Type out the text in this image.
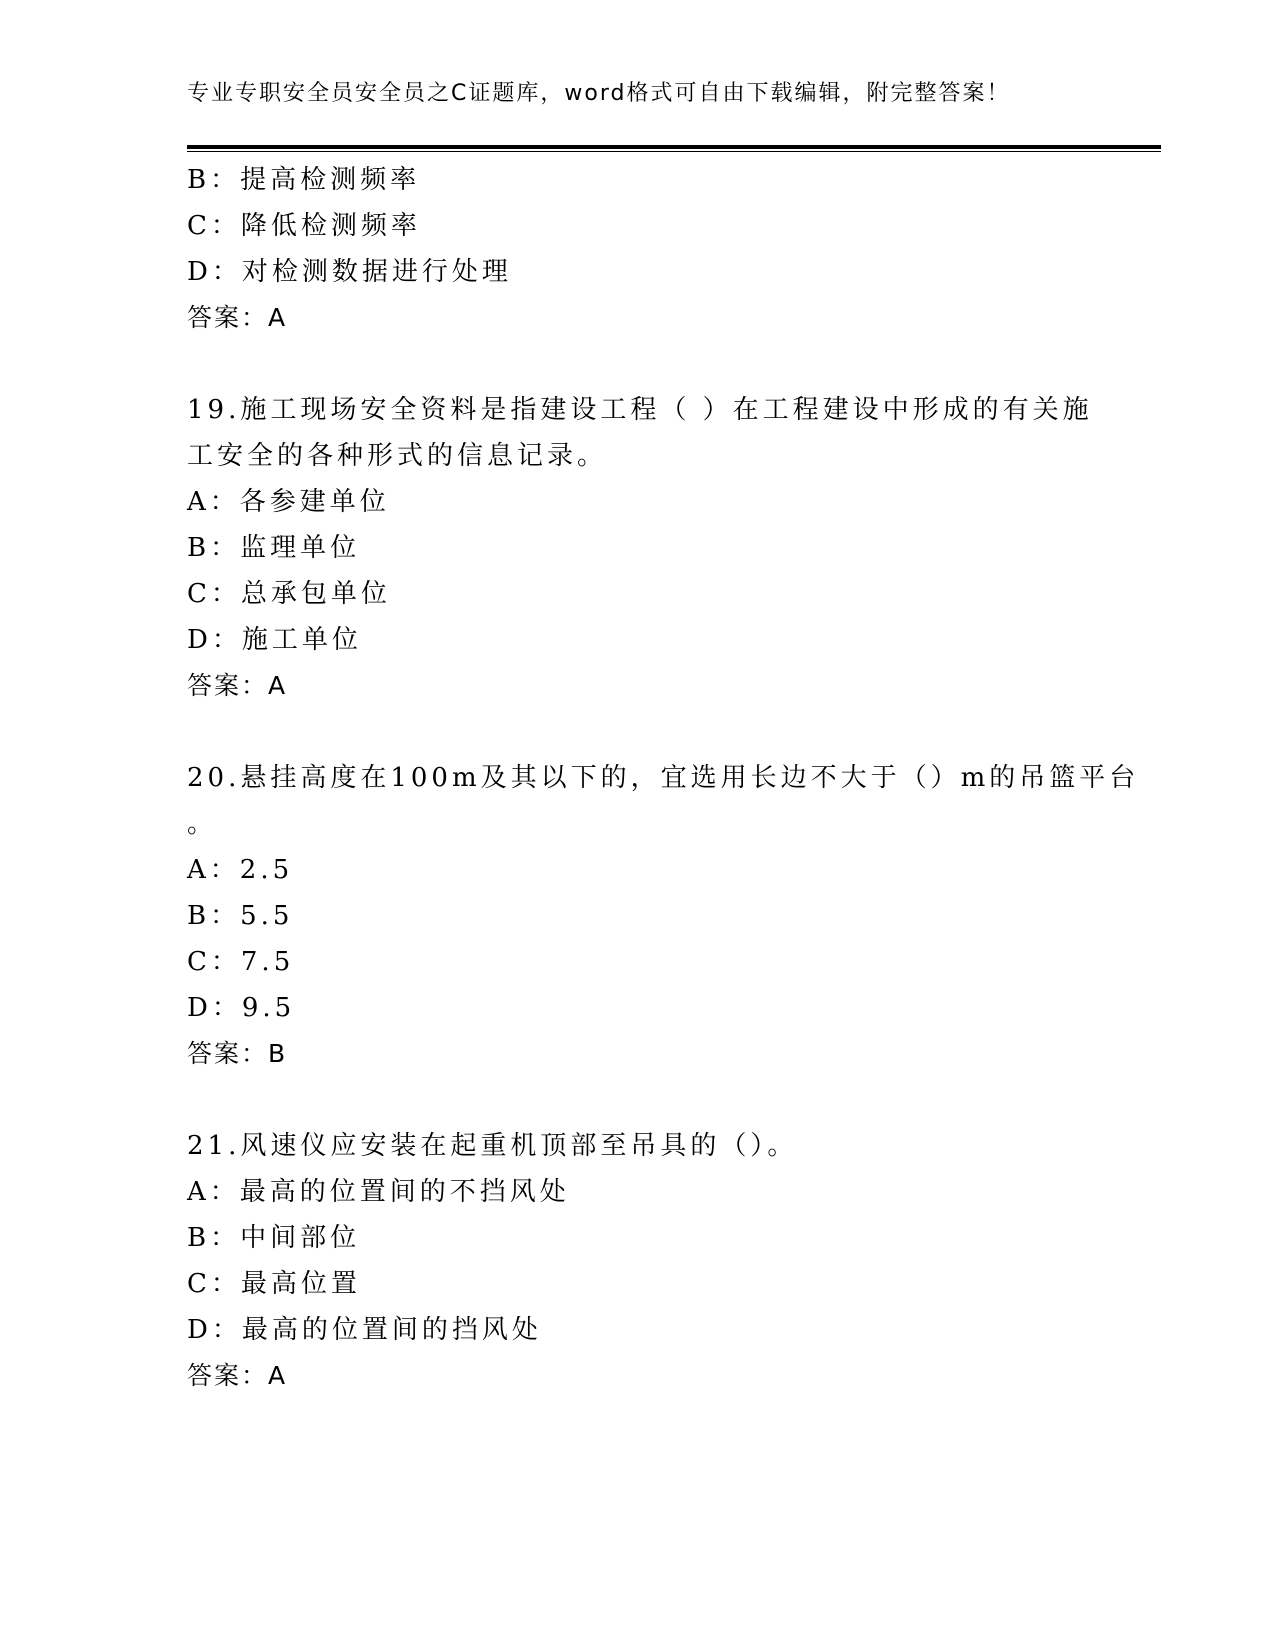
专业专职安全员安全员之C证题库，word格式可自由下载编辑，附完整答案！
B：提高检测频率
C：降低检测频率
D：对检测数据进行处理
答案：A
19.施工现场安全资料是指建设工程（ ）在工程建设中形成的有关施
工安全的各种形式的信息记录。
A：各参建单位
B：监理单位
C：总承包单位
D：施工单位
答案：A
20.悬挂高度在100m及其以下的，宜选用长边不大于（）m的吊篮平台
。
A：2.5
B：5.5
C：7.5
D：9.5
答案：B
21.风速仪应安装在起重机顶部至吊具的（）。
A：最高的位置间的不挡风处
B：中间部位
C：最高位置
D：最高的位置间的挡风处
答案：A
